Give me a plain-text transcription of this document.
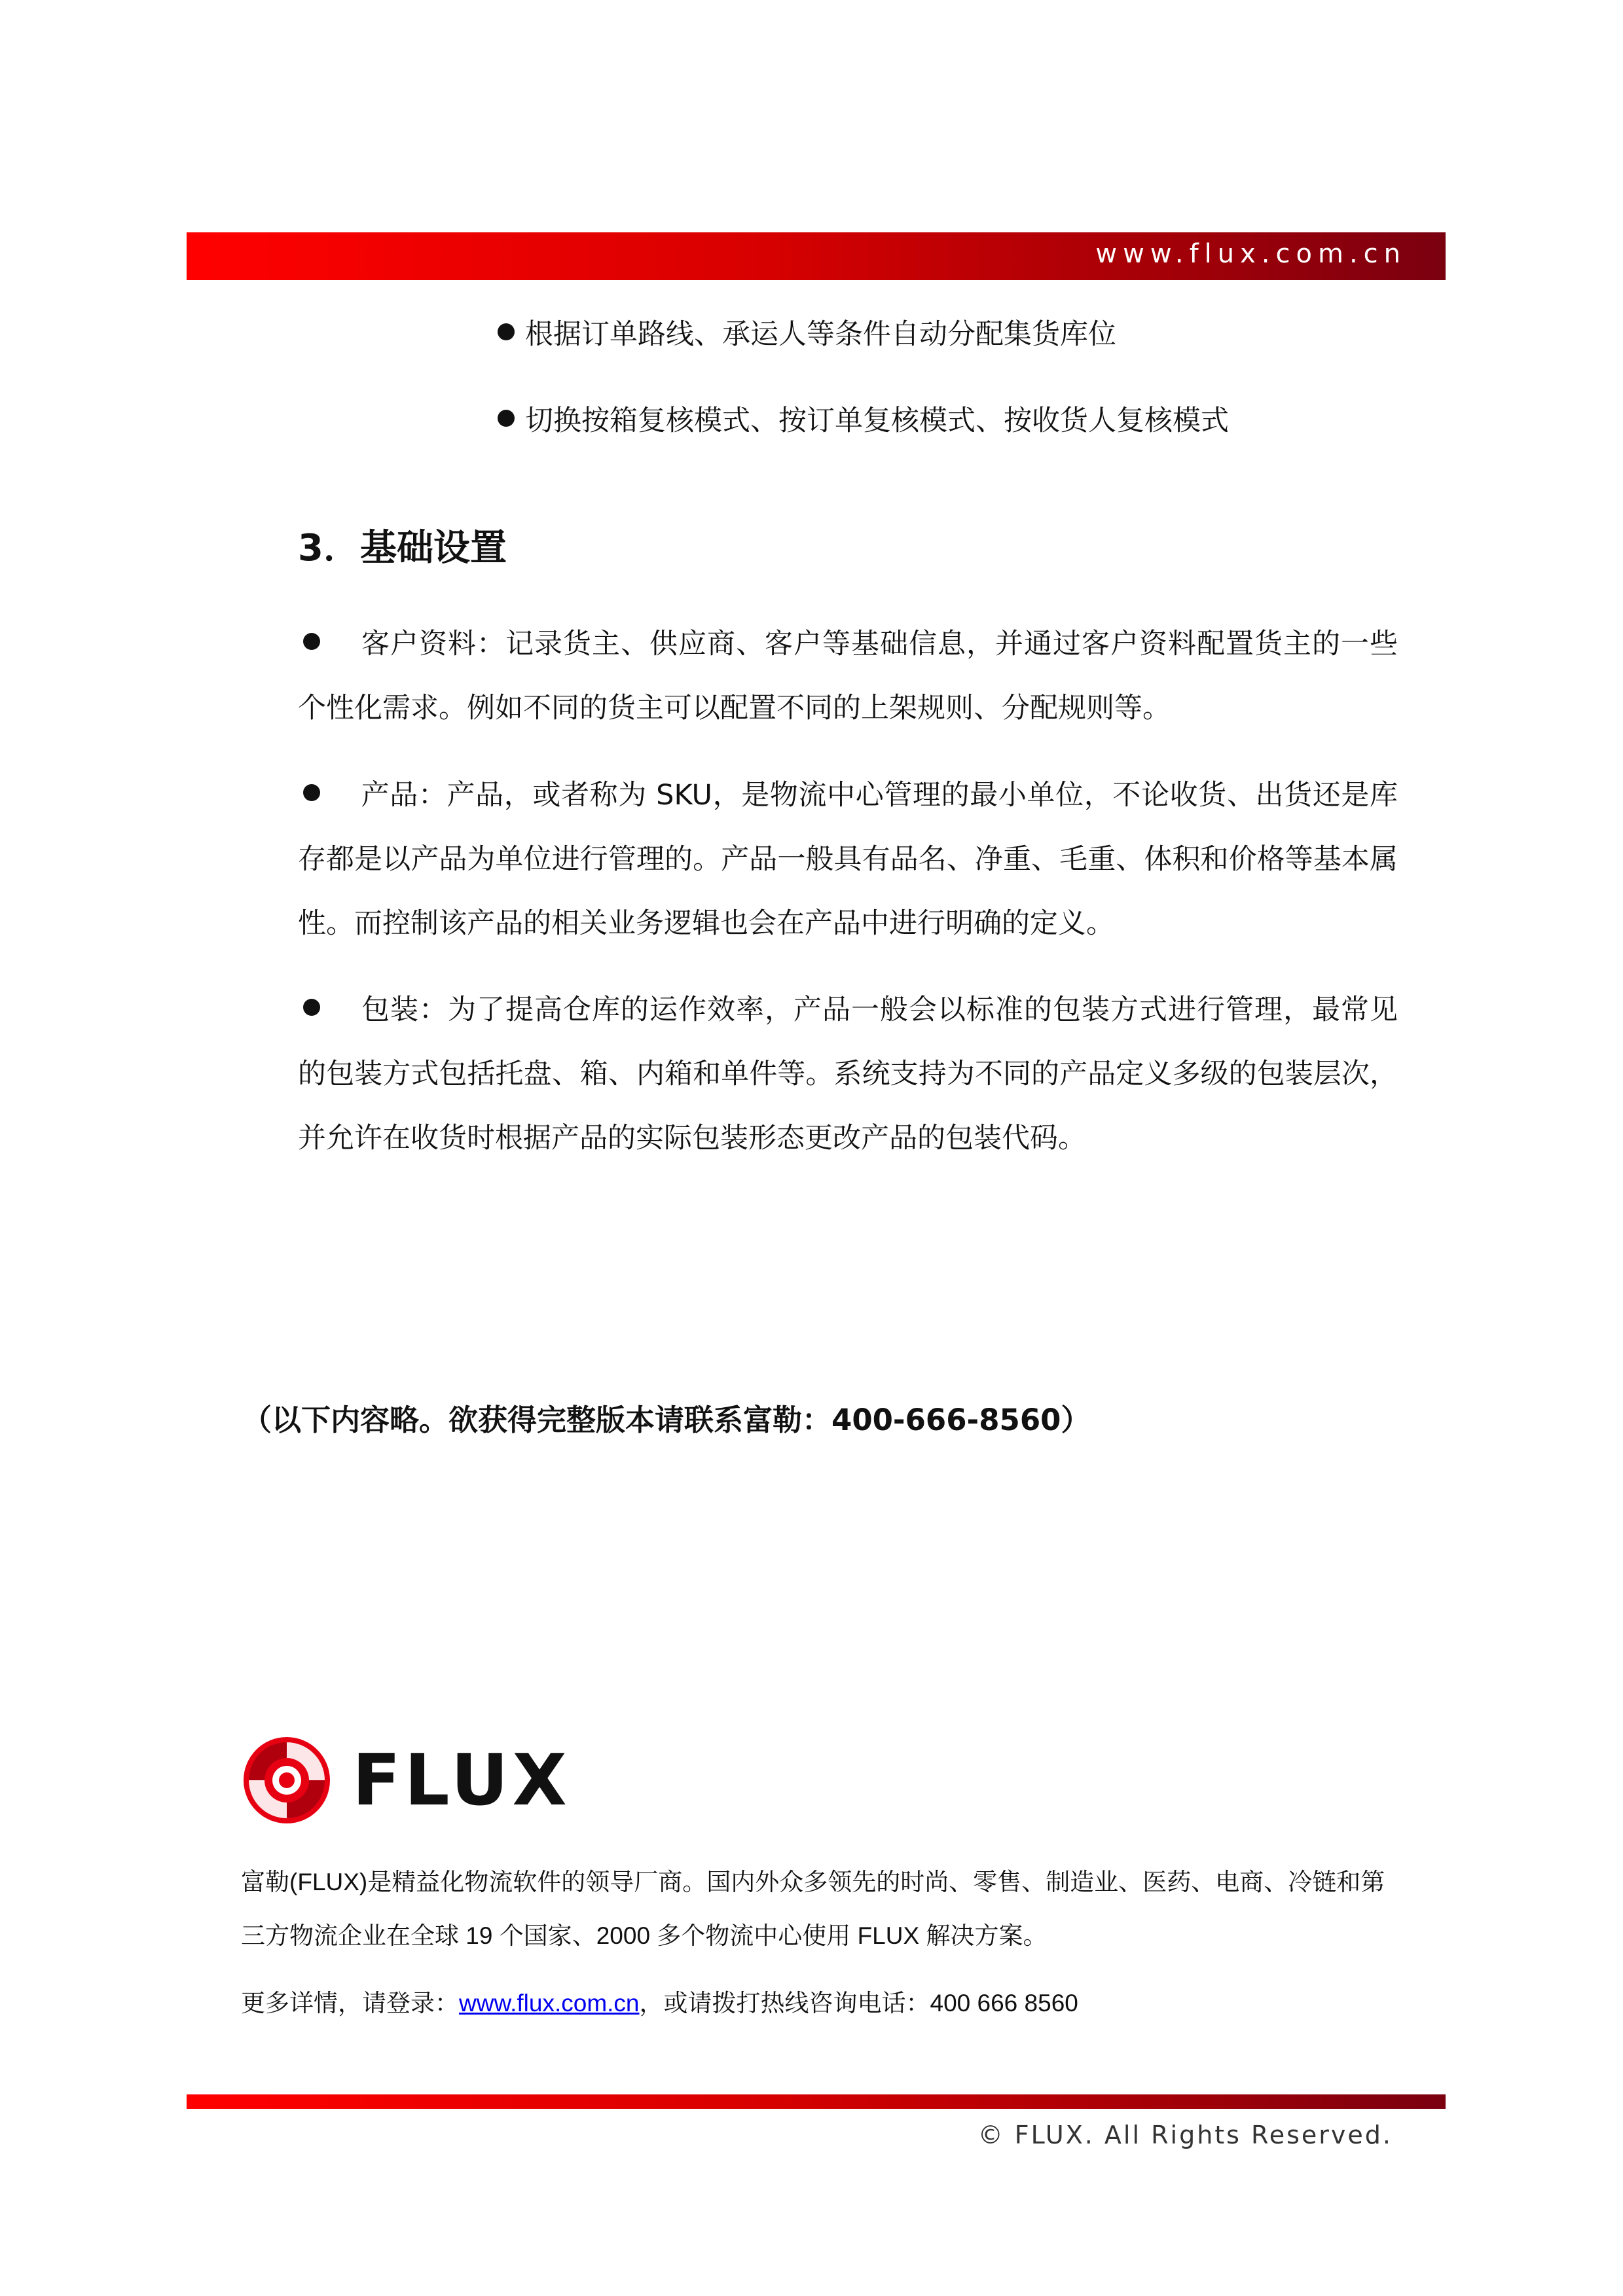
www.flux.com.cn
根据订单路线、承运人等条件自动分配集货库位
切换按箱复核模式、按订单复核模式、按收货人复核模式
3．基础设置

客户资料：记录货主、供应商、客户等基础信息，并通过客户资料配置货主的一些个性化需求。例如不同的货主可以配置不同的上架规则、分配规则等。

产品：产品，或者称为 SKU，是物流中心管理的最小单位，不论收货、出货还是库存都是以产品为单位进行管理的。产品一般具有品名、净重、毛重、体积和价格等基本属性。而控制该产品的相关业务逻辑也会在产品中进行明确的定义。

包装：为了提高仓库的运作效率，产品一般会以标准的包装方式进行管理，最常见的包装方式包括托盘、箱、内箱和单件等。系统支持为不同的产品定义多级的包装层次，并允许在收货时根据产品的实际包装形态更改产品的包装代码。

（以下内容略。欲获得完整版本请联系富勒：400-666-8560）
FLUX

富勒(FLUX)是精益化物流软件的领导厂商。国内外众多领先的时尚、零售、制造业、医药、电商、冷链和第三方物流企业在全球 19 个国家、2000 多个物流中心使用 FLUX 解决方案。

更多详情，请登录：www.flux.com.cn，或请拨打热线咨询电话：400 666 8560
© FLUX. All Rights Reserved.
